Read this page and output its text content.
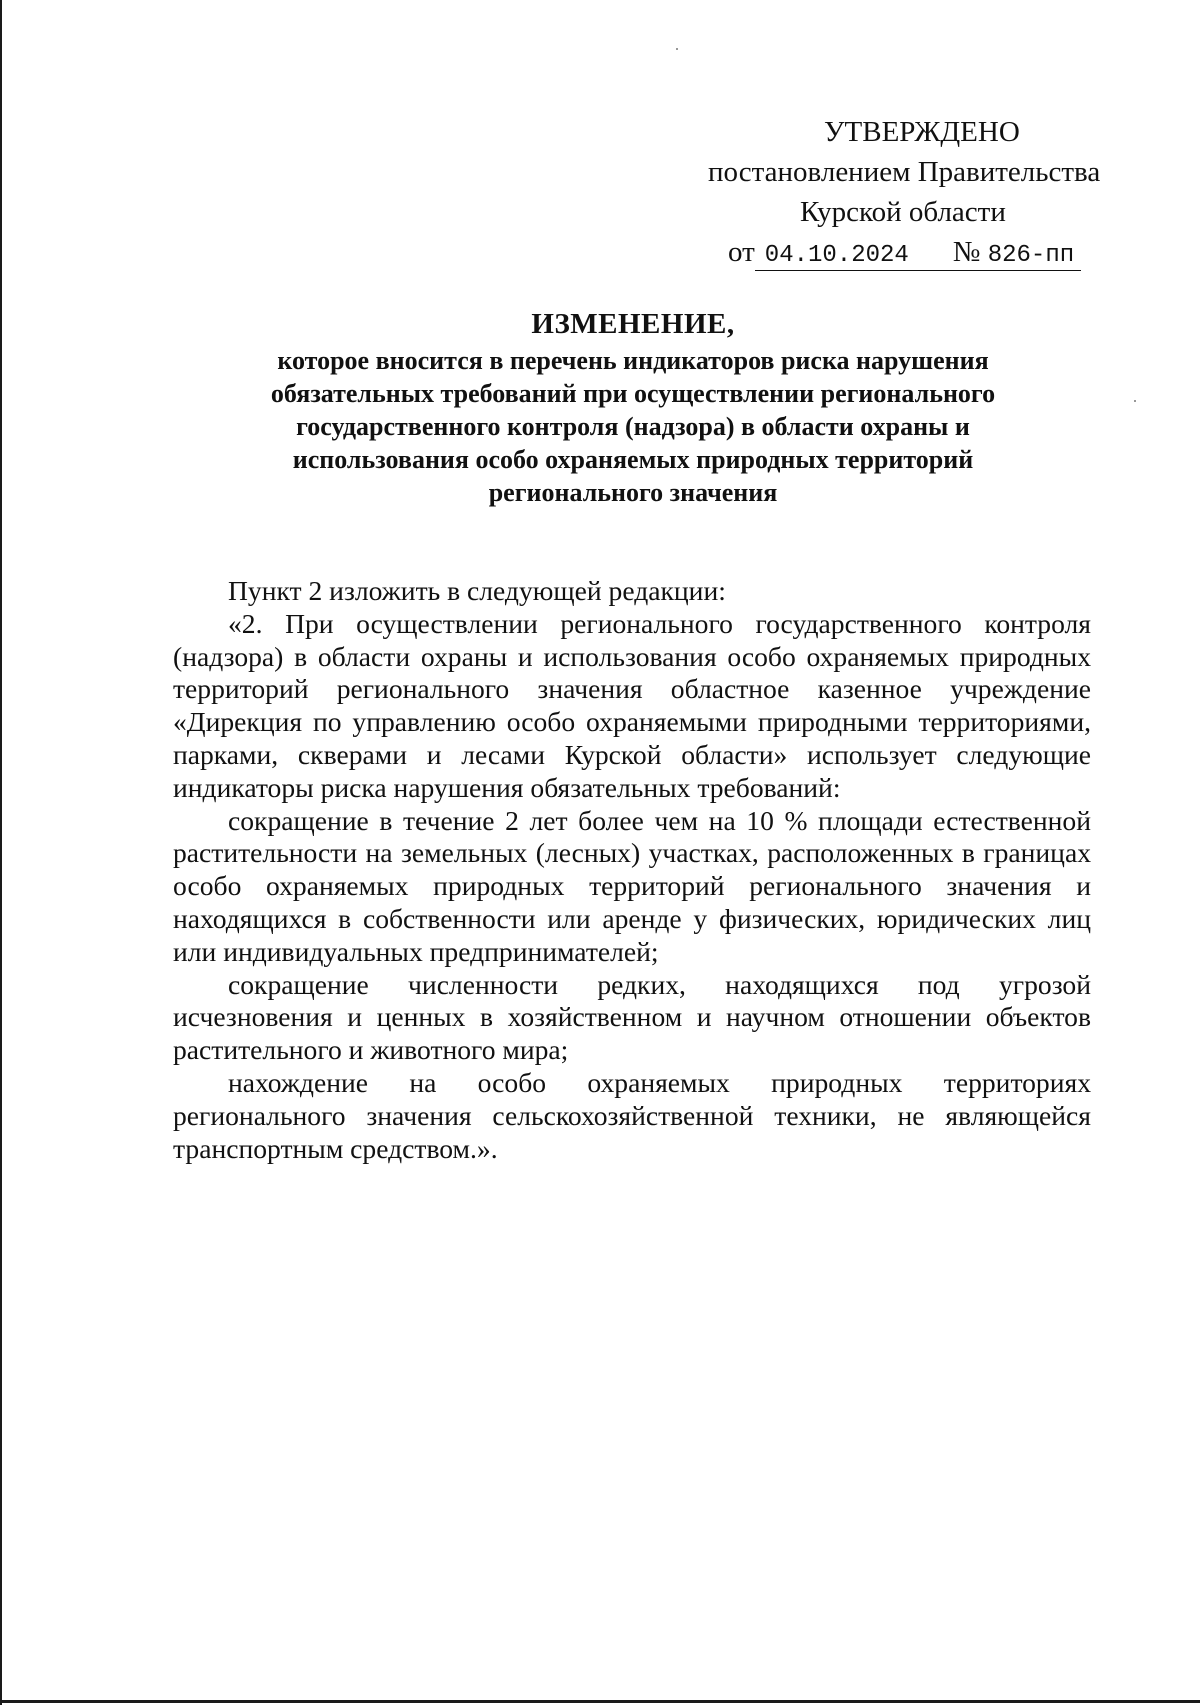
УТВЕРЖДЕНО
постановлением Правительства
Курской области
от 04.10.2024 № 826-пп
ИЗМЕНЕНИЕ,
которое вносится в перечень индикаторов риска нарушения
обязательных требований при осуществлении регионального
государственного контроля (надзора) в области охраны и
использования особо охраняемых природных территорий
регионального значения

Пункт 2 изложить в следующей редакции:

«2. При осуществлении регионального государственного контроля (надзора) в области охраны и использования особо охраняемых природных территорий регионального значения областное казенное учреждение «Дирекция по управлению особо охраняемыми природными территориями, парками, скверами и лесами Курской области» использует следующие индикаторы риска нарушения обязательных требований:

сокращение в течение 2 лет более чем на 10 % площади естественной растительности на земельных (лесных) участках, расположенных в границах особо охраняемых природных территорий регионального значения и находящихся в собственности или аренде у физических, юридических лиц или индивидуальных предпринимателей;

сокращение численности редких, находящихся под угрозой исчезновения и ценных в хозяйственном и научном отношении объектов растительного и животного мира;

нахождение на особо охраняемых природных территориях регионального значения сельскохозяйственной техники, не являющейся транспортным средством.».
